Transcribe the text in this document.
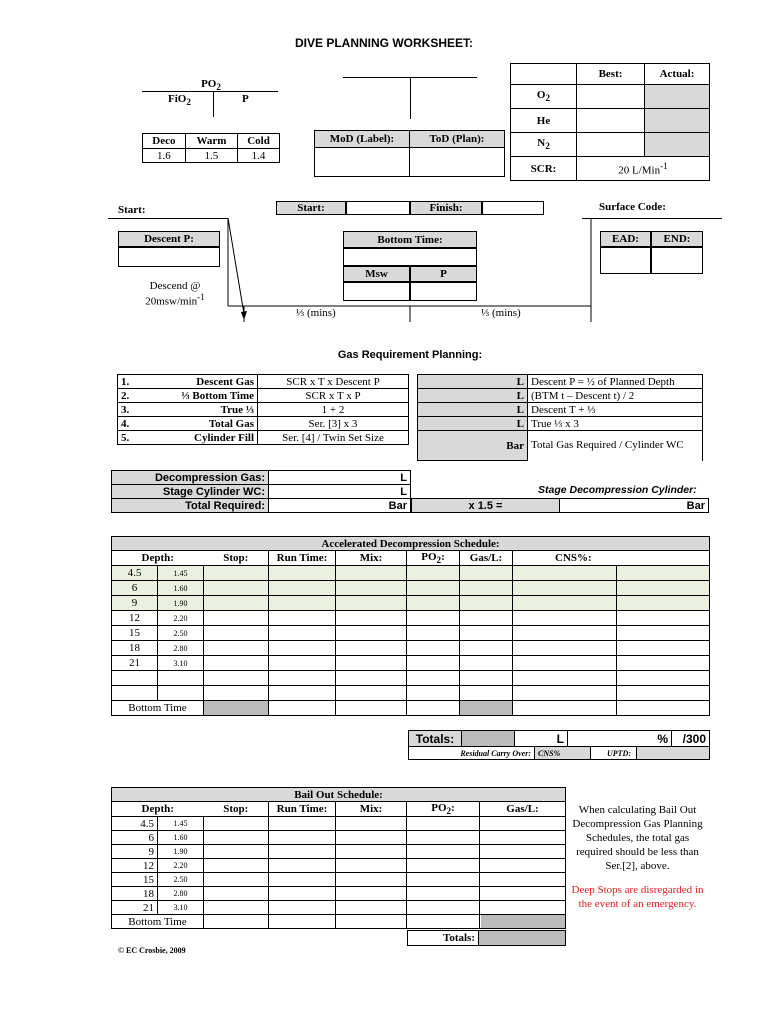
DIVE PLANNING WORKSHEET:
$PO_2$
FiO$_2$	P
Deco	Warm	Cold
1.6	1.5	1.4
MoD (Label):	ToD (Plan):

	Best:	Actual:
$O_2$		
He		
$N_2$		
SCR:	20 L/Min$^{-1}$
Start:	Start:	Finish:	Surface Code:
Descent P:
Descend @
$20msw/\min^{-1}$
Bottom Time:
Msw	P
EAD:	END:
⅓ (mins)	⅓ (mins)
Gas Requirement Planning:
1.	Descent Gas	SCR x T x Descent P
2.	⅓ Bottom Time	SCR x T x P
3.	True ⅓	1 + 2
4.	Total Gas	Ser. [3] x 3
5.	Cylinder Fill	Ser. [4] / Twin Set Size
L	Descent P = ½ of Planned Depth
L	(BTM t – Descent t) / 2
L	Descent T + ⅓
L	True ⅓ x 3
Bar	Total Gas Required / Cylinder WC
Decompression Gas:	L
Stage Cylinder WC:	L
Total Required:	Bar
Stage Decompression Cylinder:
x 1.5 =	Bar
Accelerated Decompression Schedule:								
Depth:		Stop:	Run Time:	Mix:	$PO_2$:	Gas/L:	CNS%:	
4.5	1.45							
6	1.60							
9	1.90							
12	2.20							
15	2.50							
18	2.80							
21	3.10							

Bottom Time								
Totals:		L	%	/300
Residual Carry Over:	CNS%	UPTD:	
Bail Out Schedule:						
Depth:		Stop:	Run Time:	Mix:	$PO_2$:	Gas/L:
4.5	1.45					
6	1.60					
9	1.90					
12	2.20					
15	2.50					
18	2.80					
21	3.10					
Bottom Time						
Totals:	
When calculating Bail Out Decompression Gas Planning Schedules, the total gas required should be less than Ser.[2], above.
Deep Stops are disregarded in the event of an emergency.
© EC Crosbie, 2009
